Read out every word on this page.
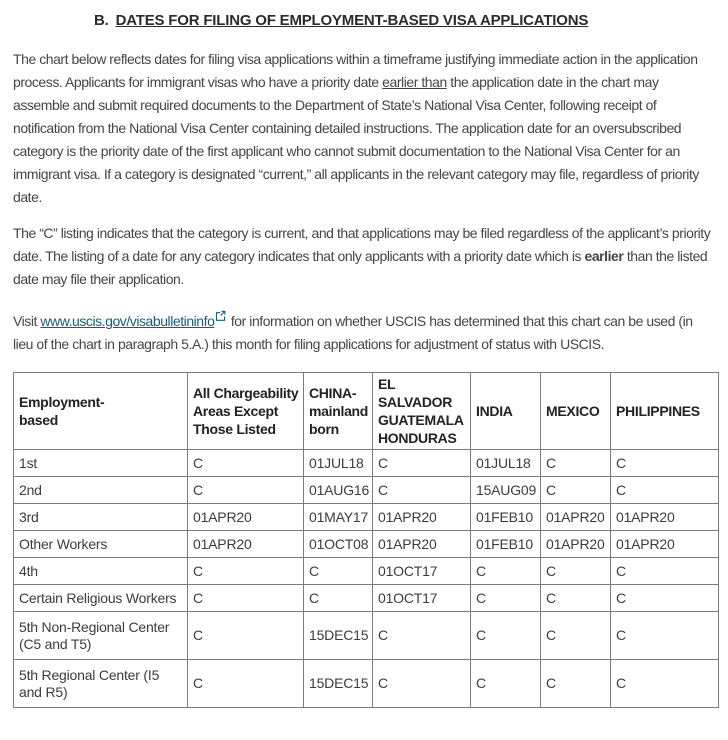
B. DATES FOR FILING OF EMPLOYMENT-BASED VISA APPLICATIONS

The chart below reflects dates for filing visa applications within a timeframe justifying immediate action in the application process. Applicants for immigrant visas who have a priority date earlier than the application date in the chart may assemble and submit required documents to the Department of State’s National Visa Center, following receipt of notification from the National Visa Center containing detailed instructions. The application date for an oversubscribed category is the priority date of the first applicant who cannot submit documentation to the National Visa Center for an immigrant visa. If a category is designated “current,” all applicants in the relevant category may file, regardless of priority date.

The “C” listing indicates that the category is current, and that applications may be filed regardless of the applicant’s priority date. The listing of a date for any category indicates that only applicants with a priority date which is earlier than the listed date may file their application.

Visit www.uscis.gov/visabulletininfo
for information on whether USCIS has determined that this chart can be used (in lieu of the chart in paragraph 5.A.) this month for filing applications for adjustment of status with USCIS.

Employment-based	All Chargeability Areas Except Those Listed	CHINA-mainland born	EL SALVADOR GUATEMALA HONDURAS	INDIA	MEXICO	PHILIPPINES
1st	C	01JUL18	C	01JUL18	C	C
2nd	C	01AUG16	C	15AUG09	C	C
3rd	01APR20	01MAY17	01APR20	01FEB10	01APR20	01APR20
Other Workers	01APR20	01OCT08	01APR20	01FEB10	01APR20	01APR20
4th	C	C	01OCT17	C	C	C
Certain Religious Workers	C	C	01OCT17	C	C	C
5th Non-Regional Center (C5 and T5)	C	15DEC15	C	C	C	C
5th Regional Center (I5 and R5)	C	15DEC15	C	C	C	C
